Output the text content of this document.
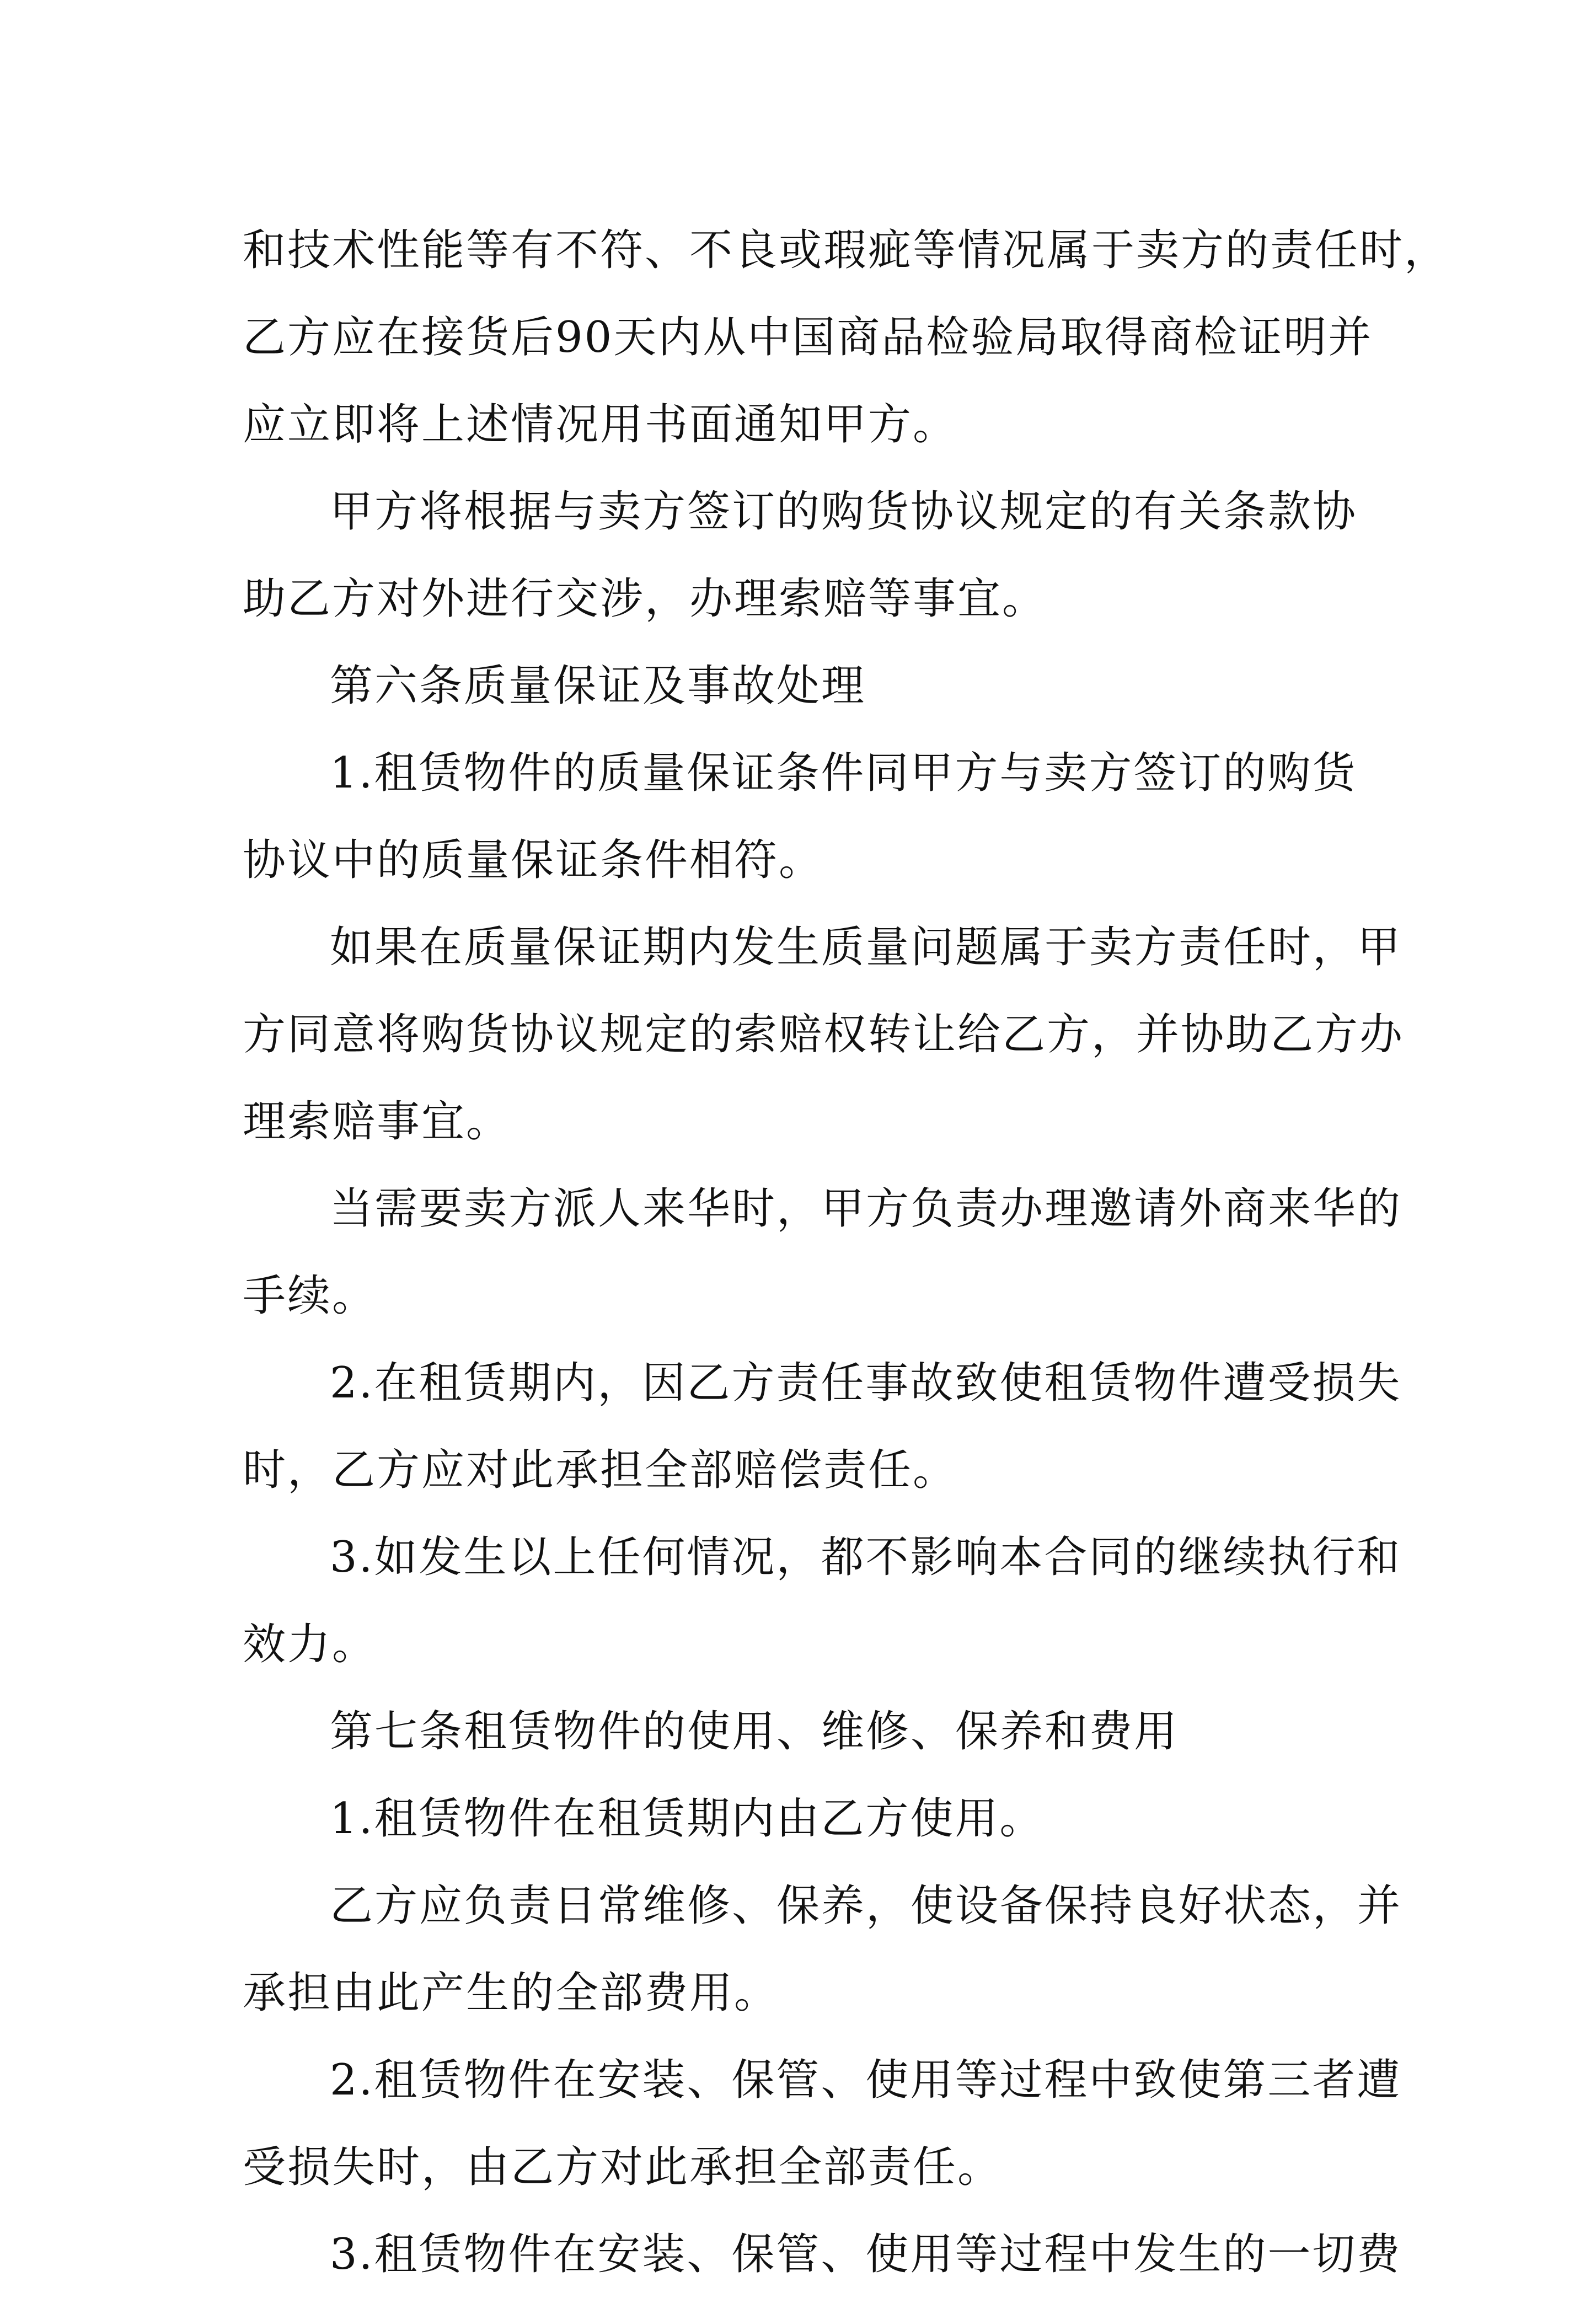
和技术性能等有不符、不良或瑕疵等情况属于卖方的责任时，
乙方应在接货后90天内从中国商品检验局取得商检证明并
应立即将上述情况用书面通知甲方。
甲方将根据与卖方签订的购货协议规定的有关条款协
助乙方对外进行交涉，办理索赔等事宜。
第六条质量保证及事故处理
1.租赁物件的质量保证条件同甲方与卖方签订的购货
协议中的质量保证条件相符。
如果在质量保证期内发生质量问题属于卖方责任时，甲
方同意将购货协议规定的索赔权转让给乙方，并协助乙方办
理索赔事宜。
当需要卖方派人来华时，甲方负责办理邀请外商来华的
手续。
2.在租赁期内，因乙方责任事故致使租赁物件遭受损失
时，乙方应对此承担全部赔偿责任。
3.如发生以上任何情况，都不影响本合同的继续执行和
效力。
第七条租赁物件的使用、维修、保养和费用
1.租赁物件在租赁期内由乙方使用。
乙方应负责日常维修、保养，使设备保持良好状态，并
承担由此产生的全部费用。
2.租赁物件在安装、保管、使用等过程中致使第三者遭
受损失时，由乙方对此承担全部责任。
3.租赁物件在安装、保管、使用等过程中发生的一切费
